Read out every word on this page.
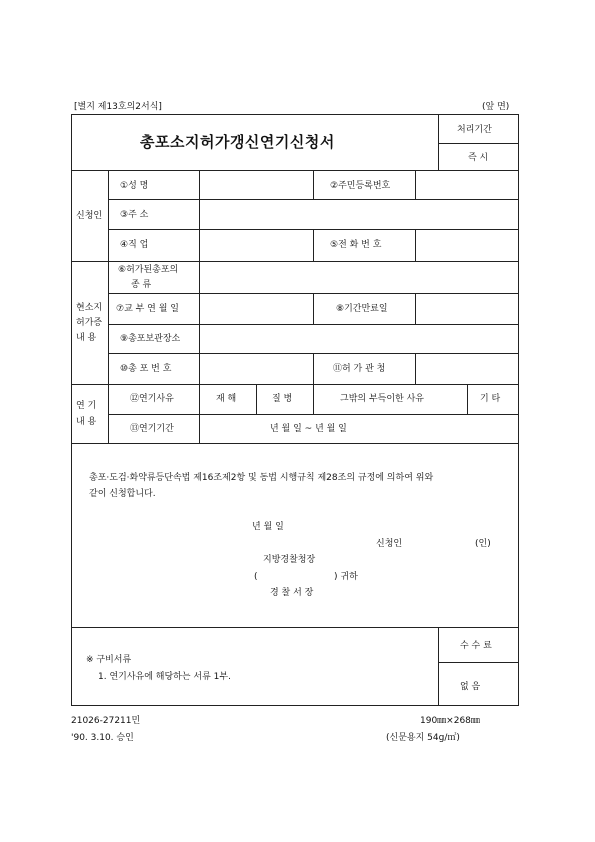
[별지 제13호의2서식]	(앞 면)
총포소지허가갱신연기신청서
처리기간
즉 시
신청인
①성 명	②주민등록번호
③주 소
④직 업	⑤전 화 번 호
현소지
허가증
내 용
⑥허가된총포의
종 류
⑦교 부 연 월 일	⑧기간만료일
⑨총포보관장소
⑩총 포 번 호	⑪허 가 관 청
연 기
내 용
⑫연기사유	재 해	질 병	그밖의 부득이한 사유	기 타
⑬연기기간	년 월 일 ~ 년 월 일
총포·도검·화약류등단속법 제16조제2항 및 동법 시행규칙 제28조의 규정에 의하여 위와
같이 신청합니다.
년 월 일
신청인	(인)
지방경찰청장
(	) 귀하
경 찰 서 장
※ 구비서류
1. 연기사유에 해당하는 서류 1부.
수 수 료
없 음
21026-27211민	190㎜×268㎜
'90. 3.10. 승인	(신문용지 54g/㎡)
